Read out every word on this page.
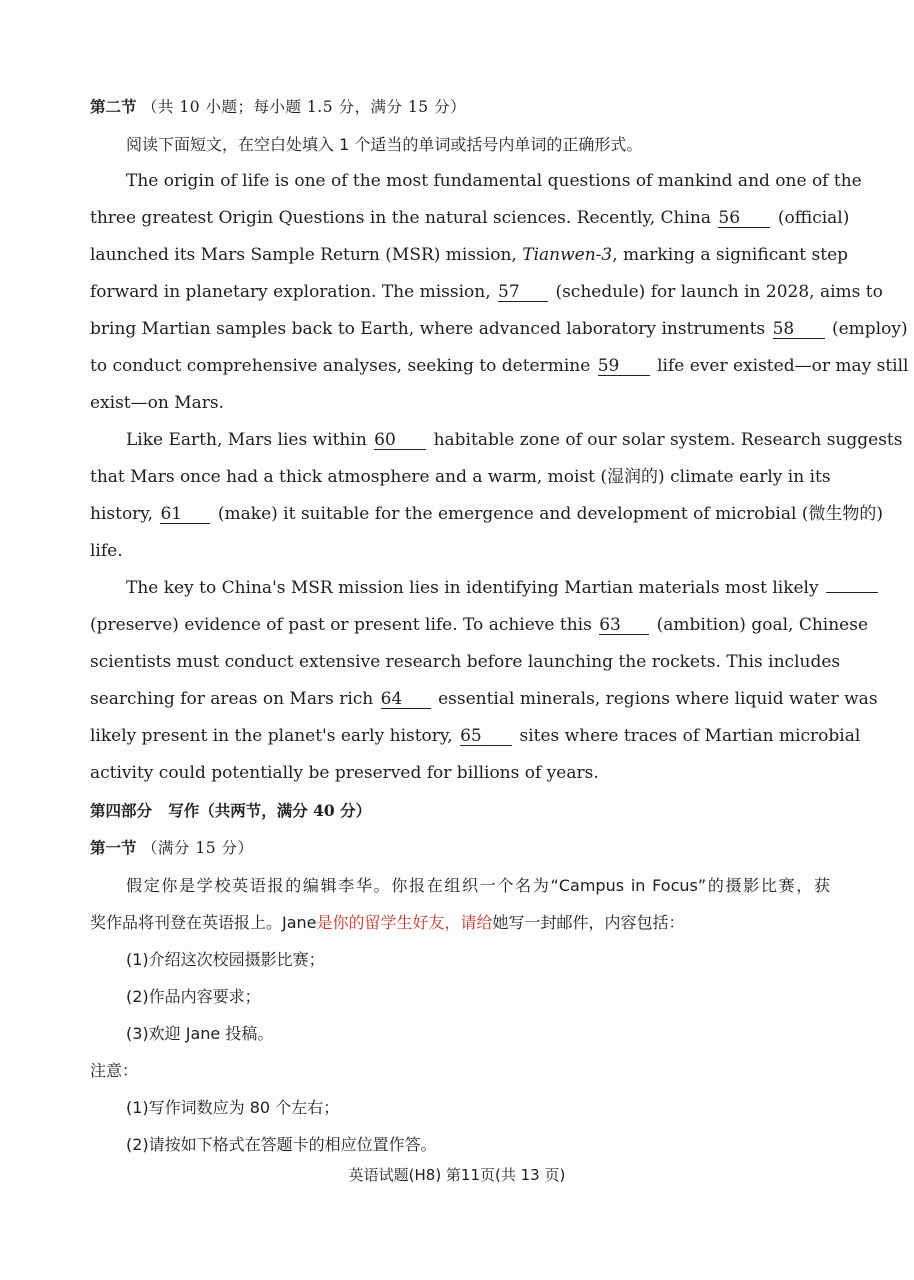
第二节 （共 10 小题；每小题 1.5 分，满分 15 分）
阅读下面短文，在空白处填入 1 个适当的单词或括号内单词的正确形式。
The origin of life is one of the most fundamental questions of mankind and one of the
three greatest Origin Questions in the natural sciences. Recently, China 56 (official)
launched its Mars Sample Return (MSR) mission, Tianwen-3, marking a significant step
forward in planetary exploration. The mission, 57 (schedule) for launch in 2028, aims to
bring Martian samples back to Earth, where advanced laboratory instruments 58 (employ)
to conduct comprehensive analyses, seeking to determine 59 life ever existed—or may still
exist—on Mars.
Like Earth, Mars lies within 60 habitable zone of our solar system. Research suggests
that Mars once had a thick atmosphere and a warm, moist (湿润的) climate early in its
history, 61 (make) it suitable for the emergence and development of microbial (微生物的)
life.
The key to China's MSR mission lies in identifying Martian materials most likely
(preserve) evidence of past or present life. To achieve this 63 (ambition) goal, Chinese
scientists must conduct extensive research before launching the rockets. This includes
searching for areas on Mars rich 64 essential minerals, regions where liquid water was
likely present in the planet's early history, 65 sites where traces of Martian microbial
activity could potentially be preserved for billions of years.
第四部分 写作（共两节，满分 40 分）
第一节 （满分 15 分）
假定你是学校英语报的编辑李华。你报在组织一个名为“Campus in Focus”的摄影比赛，获
奖作品将刊登在英语报上。Jane是你的留学生好友，请给她写一封邮件，内容包括：
(1)介绍这次校园摄影比赛；
(2)作品内容要求；
(3)欢迎 Jane 投稿。
注意：
(1)写作词数应为 80 个左右；
(2)请按如下格式在答题卡的相应位置作答。
英语试题(H8) 第11页(共 13 页)
